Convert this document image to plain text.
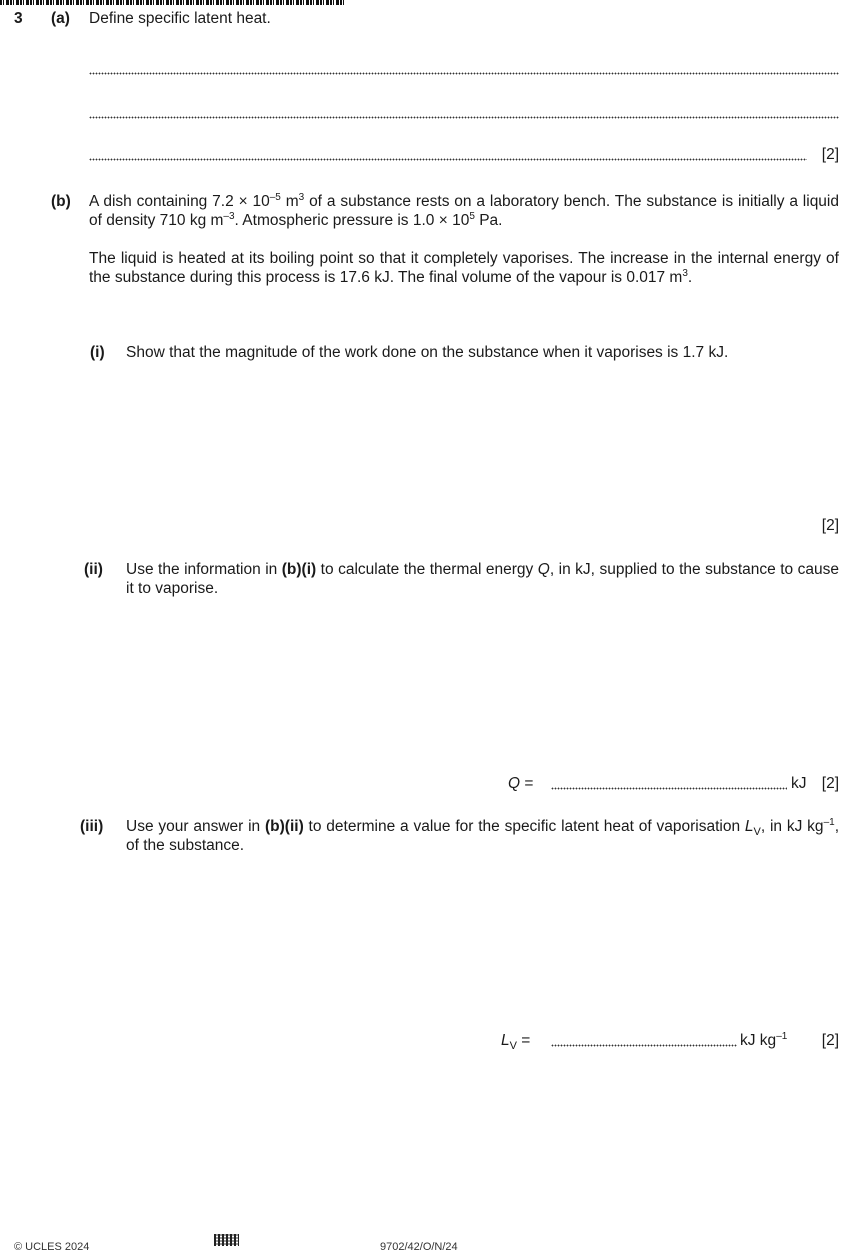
3 (a) Define specific latent heat.
[2]
(b) A dish containing $7.2 \times 10^{-5}$ $m^3$ of a substance rests on a laboratory bench. The substance is initially a liquid of density 710 kg $m^{-3}$. Atmospheric pressure is $1.0 \times 10^5$ Pa.
The liquid is heated at its boiling point so that it completely vaporises. The increase in the internal energy of the substance during this process is 17.6 kJ. The final volume of the vapour is 0.017 $m^3$.
(i) Show that the magnitude of the work done on the substance when it vaporises is 1.7 kJ.
[2]
(ii) Use the information in (b)(i) to calculate the thermal energy Q, in kJ, supplied to the substance to cause it to vaporise.
Q =	kJ [2]
(iii) Use your answer in (b)(ii) to determine a value for the specific latent heat of vaporisation $L_V$, in kJ $kg^{-1}$, of the substance.
$L_V$ =	kJ $kg^{-1}$ [2]
© UCLES 2024	9702/42/O/N/24
